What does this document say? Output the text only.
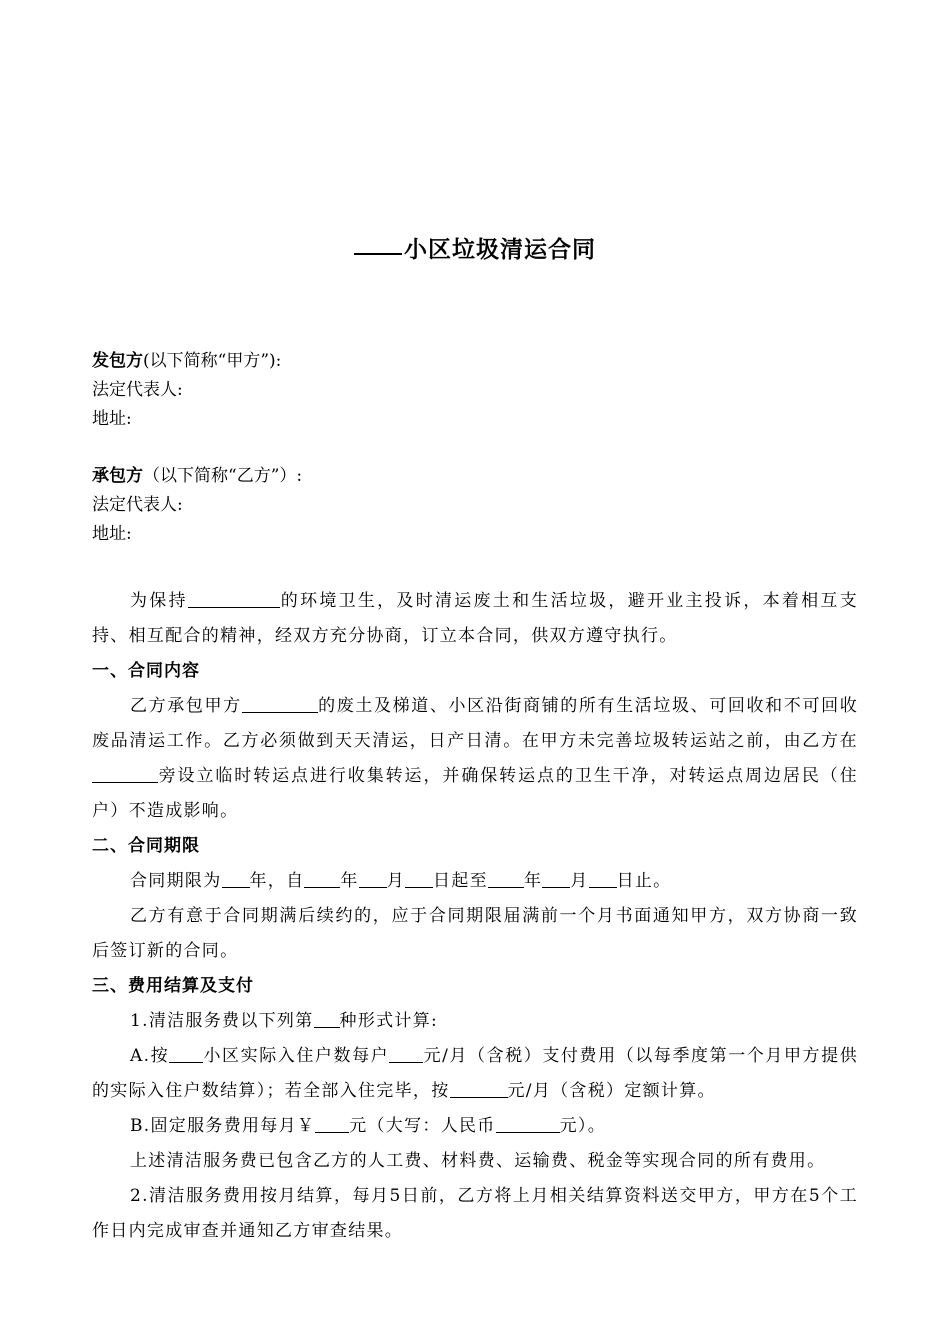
小区垃圾清运合同
发包方(以下简称“甲方”):
法定代表人:
地址:
承包方（以下简称“乙方”）:
法定代表人:
地址:

为保持	的环境卫生，及时清运废土和生活垃圾，避开业主投诉，本着相互支持、相互配合的精神，经双方充分协商，订立本合同，供双方遵守执行。

一、合同内容

乙方承包甲方	的废土及梯道、小区沿街商铺的所有生活垃圾、可回收和不可回收废品清运工作。乙方必须做到天天清运，日产日清。在甲方未完善垃圾转运站之前，由乙方在旁设立临时转运点进行收集转运，并确保转运点的卫生干净，对转运点周边居民（住户）不造成影响。

二、合同期限

合同期限为 年，自 年 月 日起至 年 月 日止。

乙方有意于合同期满后续约的，应于合同期限届满前一个月书面通知甲方，双方协商一致后签订新的合同。

三、费用结算及支付

1.清洁服务费以下列第 种形式计算:

A.按 小区实际入住户数每户 元/月（含税）支付费用（以每季度第一个月甲方提供的实际入住户数结算）；若全部入住完毕，按	元/月（含税）定额计算。

B.固定服务费用每月￥ 元（大写：人民币	元）。

上述清洁服务费已包含乙方的人工费、材料费、运输费、税金等实现合同的所有费用。

2.清洁服务费用按月结算，每月5日前，乙方将上月相关结算资料送交甲方，甲方在5个工作日内完成审查并通知乙方审查结果。
